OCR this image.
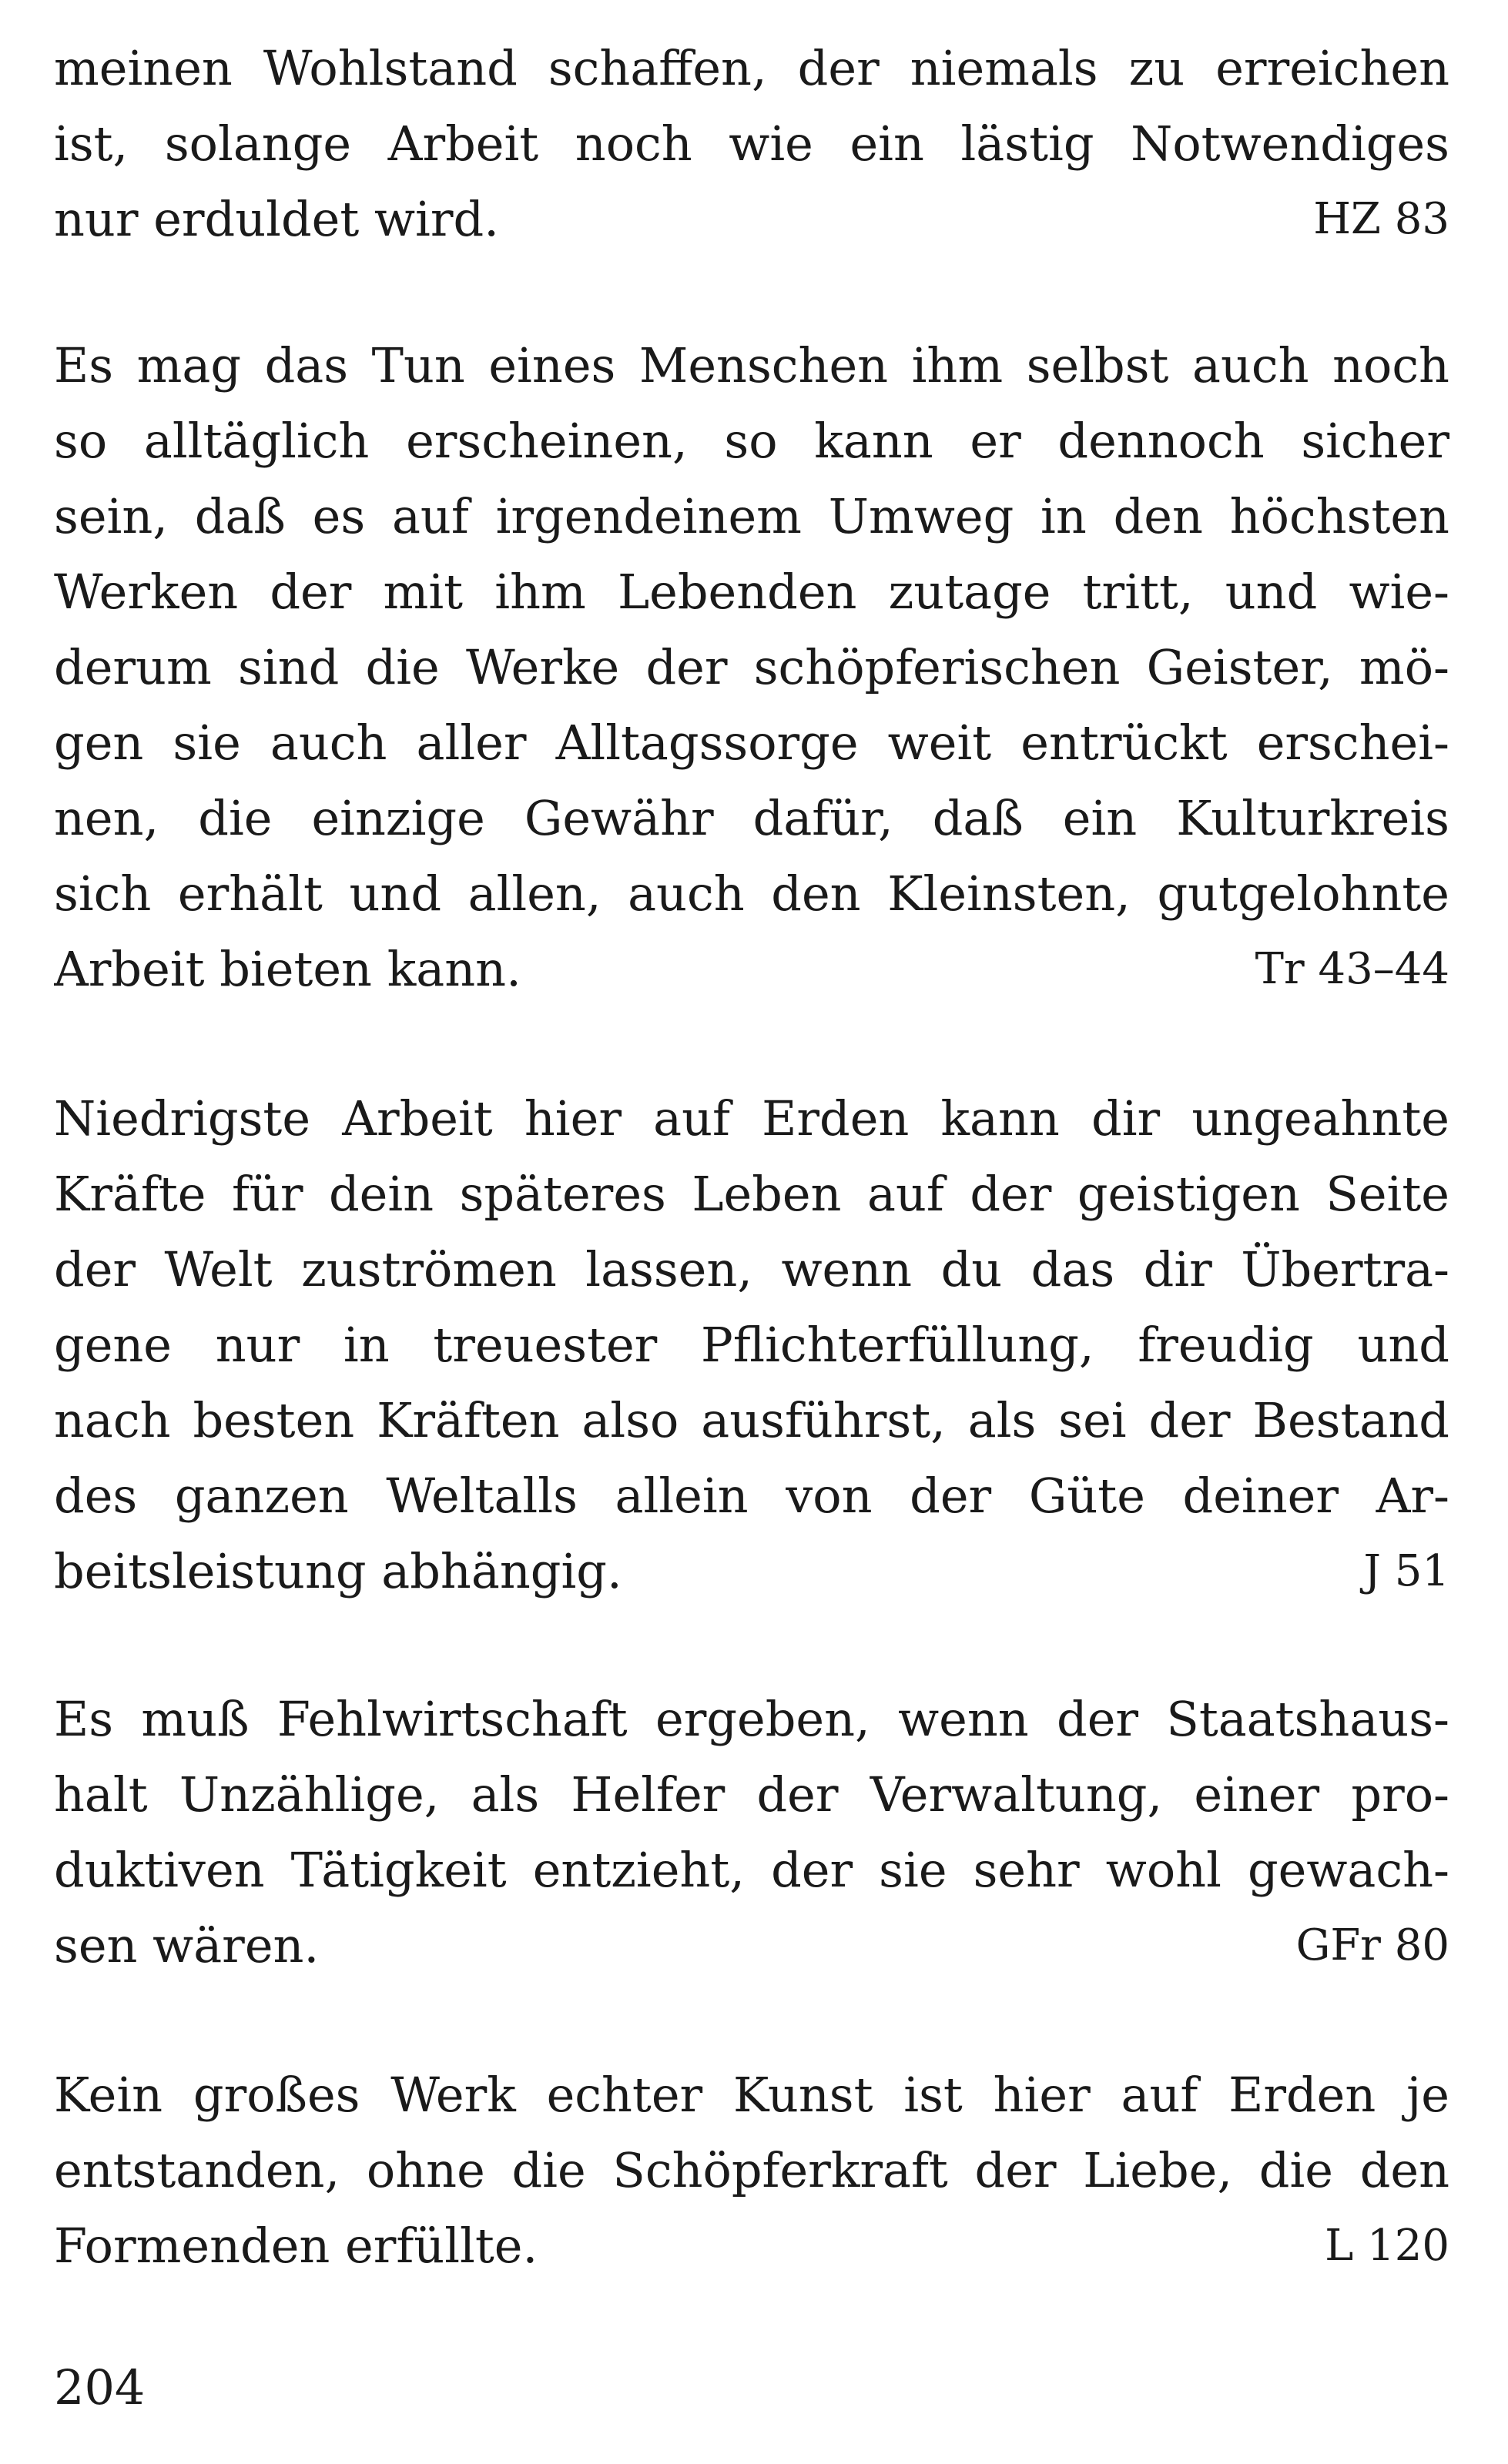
meinen Wohlstand schaffen, der niemals zu erreichen
ist, solange Arbeit noch wie ein lästig Notwendiges
nur erduldet wird.	HZ 83

Es mag das Tun eines Menschen ihm selbst auch noch
so alltäglich erscheinen, so kann er dennoch sicher
sein, daß es auf irgendeinem Umweg in den höchsten
Werken der mit ihm Lebenden zutage tritt, und wie-
derum sind die Werke der schöpferischen Geister, mö-
gen sie auch aller Alltagssorge weit entrückt erschei-
nen, die einzige Gewähr dafür, daß ein Kulturkreis
sich erhält und allen, auch den Kleinsten, gutgelohnte
Arbeit bieten kann.	Tr 43–44

Niedrigste Arbeit hier auf Erden kann dir ungeahnte
Kräfte für dein späteres Leben auf der geistigen Seite
der Welt zuströmen lassen, wenn du das dir Übertra-
gene nur in treuester Pflichterfüllung, freudig und
nach besten Kräften also ausführst, als sei der Bestand
des ganzen Weltalls allein von der Güte deiner Ar-
beitsleistung abhängig.	J 51

Es muß Fehlwirtschaft ergeben, wenn der Staatshaus-
halt Unzählige, als Helfer der Verwaltung, einer pro-
duktiven Tätigkeit entzieht, der sie sehr wohl gewach-
sen wären.	GFr 80

Kein großes Werk echter Kunst ist hier auf Erden je
entstanden, ohne die Schöpferkraft der Liebe, die den
Formenden erfüllte.	L 120

204
